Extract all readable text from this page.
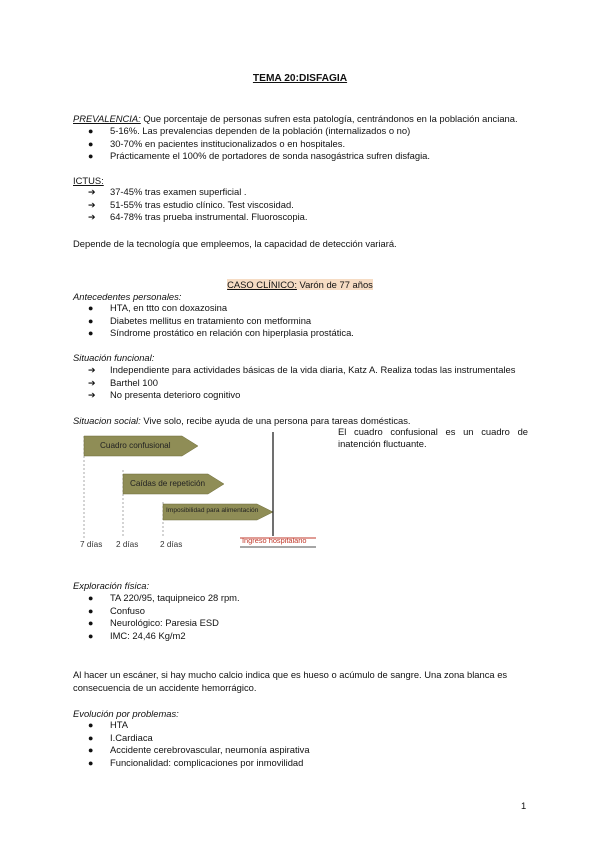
TEMA 20:DISFAGIA
PREVALENCIA: Que porcentaje de personas sufren esta patología, centrándonos en la población anciana.
● 5-16%. Las prevalencias dependen de la población (internalizados o no)
● 30-70% en pacientes institucionalizados o en hospitales.
● Prácticamente el 100% de portadores de sonda nasogástrica sufren disfagia.
ICTUS:
➔ 37-45% tras examen superficial .
➔ 51-55% tras estudio clínico. Test viscosidad.
➔ 64-78% tras prueba instrumental. Fluoroscopia.
Depende de la tecnología que empleemos, la capacidad de detección variará.
CASO CLÍNICO: Varón de 77 años
Antecedentes personales:
● HTA, en ttto con doxazosina
● Diabetes mellitus en tratamiento con metformina
● Síndrome prostático en relación con hiperplasia prostática.
Situación funcional:
➔ Independiente para actividades básicas de la vida diaria, Katz A. Realiza todas las instrumentales
➔ Barthel 100
➔ No presenta deterioro cognitivo
Situacion social: Vive solo, recibe ayuda de una persona para tareas domésticas.
Cuadro confusional
Caídas de repetición
Imposibilidad para alimentación
7 días 2 días	2 días	Ingreso hospitalario
El cuadro confusional es un cuadro de inatención fluctuante.
Exploración física:
● TA 220/95, taquipneico 28 rpm.
● Confuso
● Neurológico: Paresia ESD
● IMC: 24,46 Kg/m2
Al hacer un escáner, si hay mucho calcio indica que es hueso o acúmulo de sangre. Una zona blanca es
consecuencia de un accidente hemorrágico.
Evolución por problemas:
● HTA
● I.Cardiaca
● Accidente cerebrovascular, neumonía aspirativa
● Funcionalidad: complicaciones por inmovilidad
1
